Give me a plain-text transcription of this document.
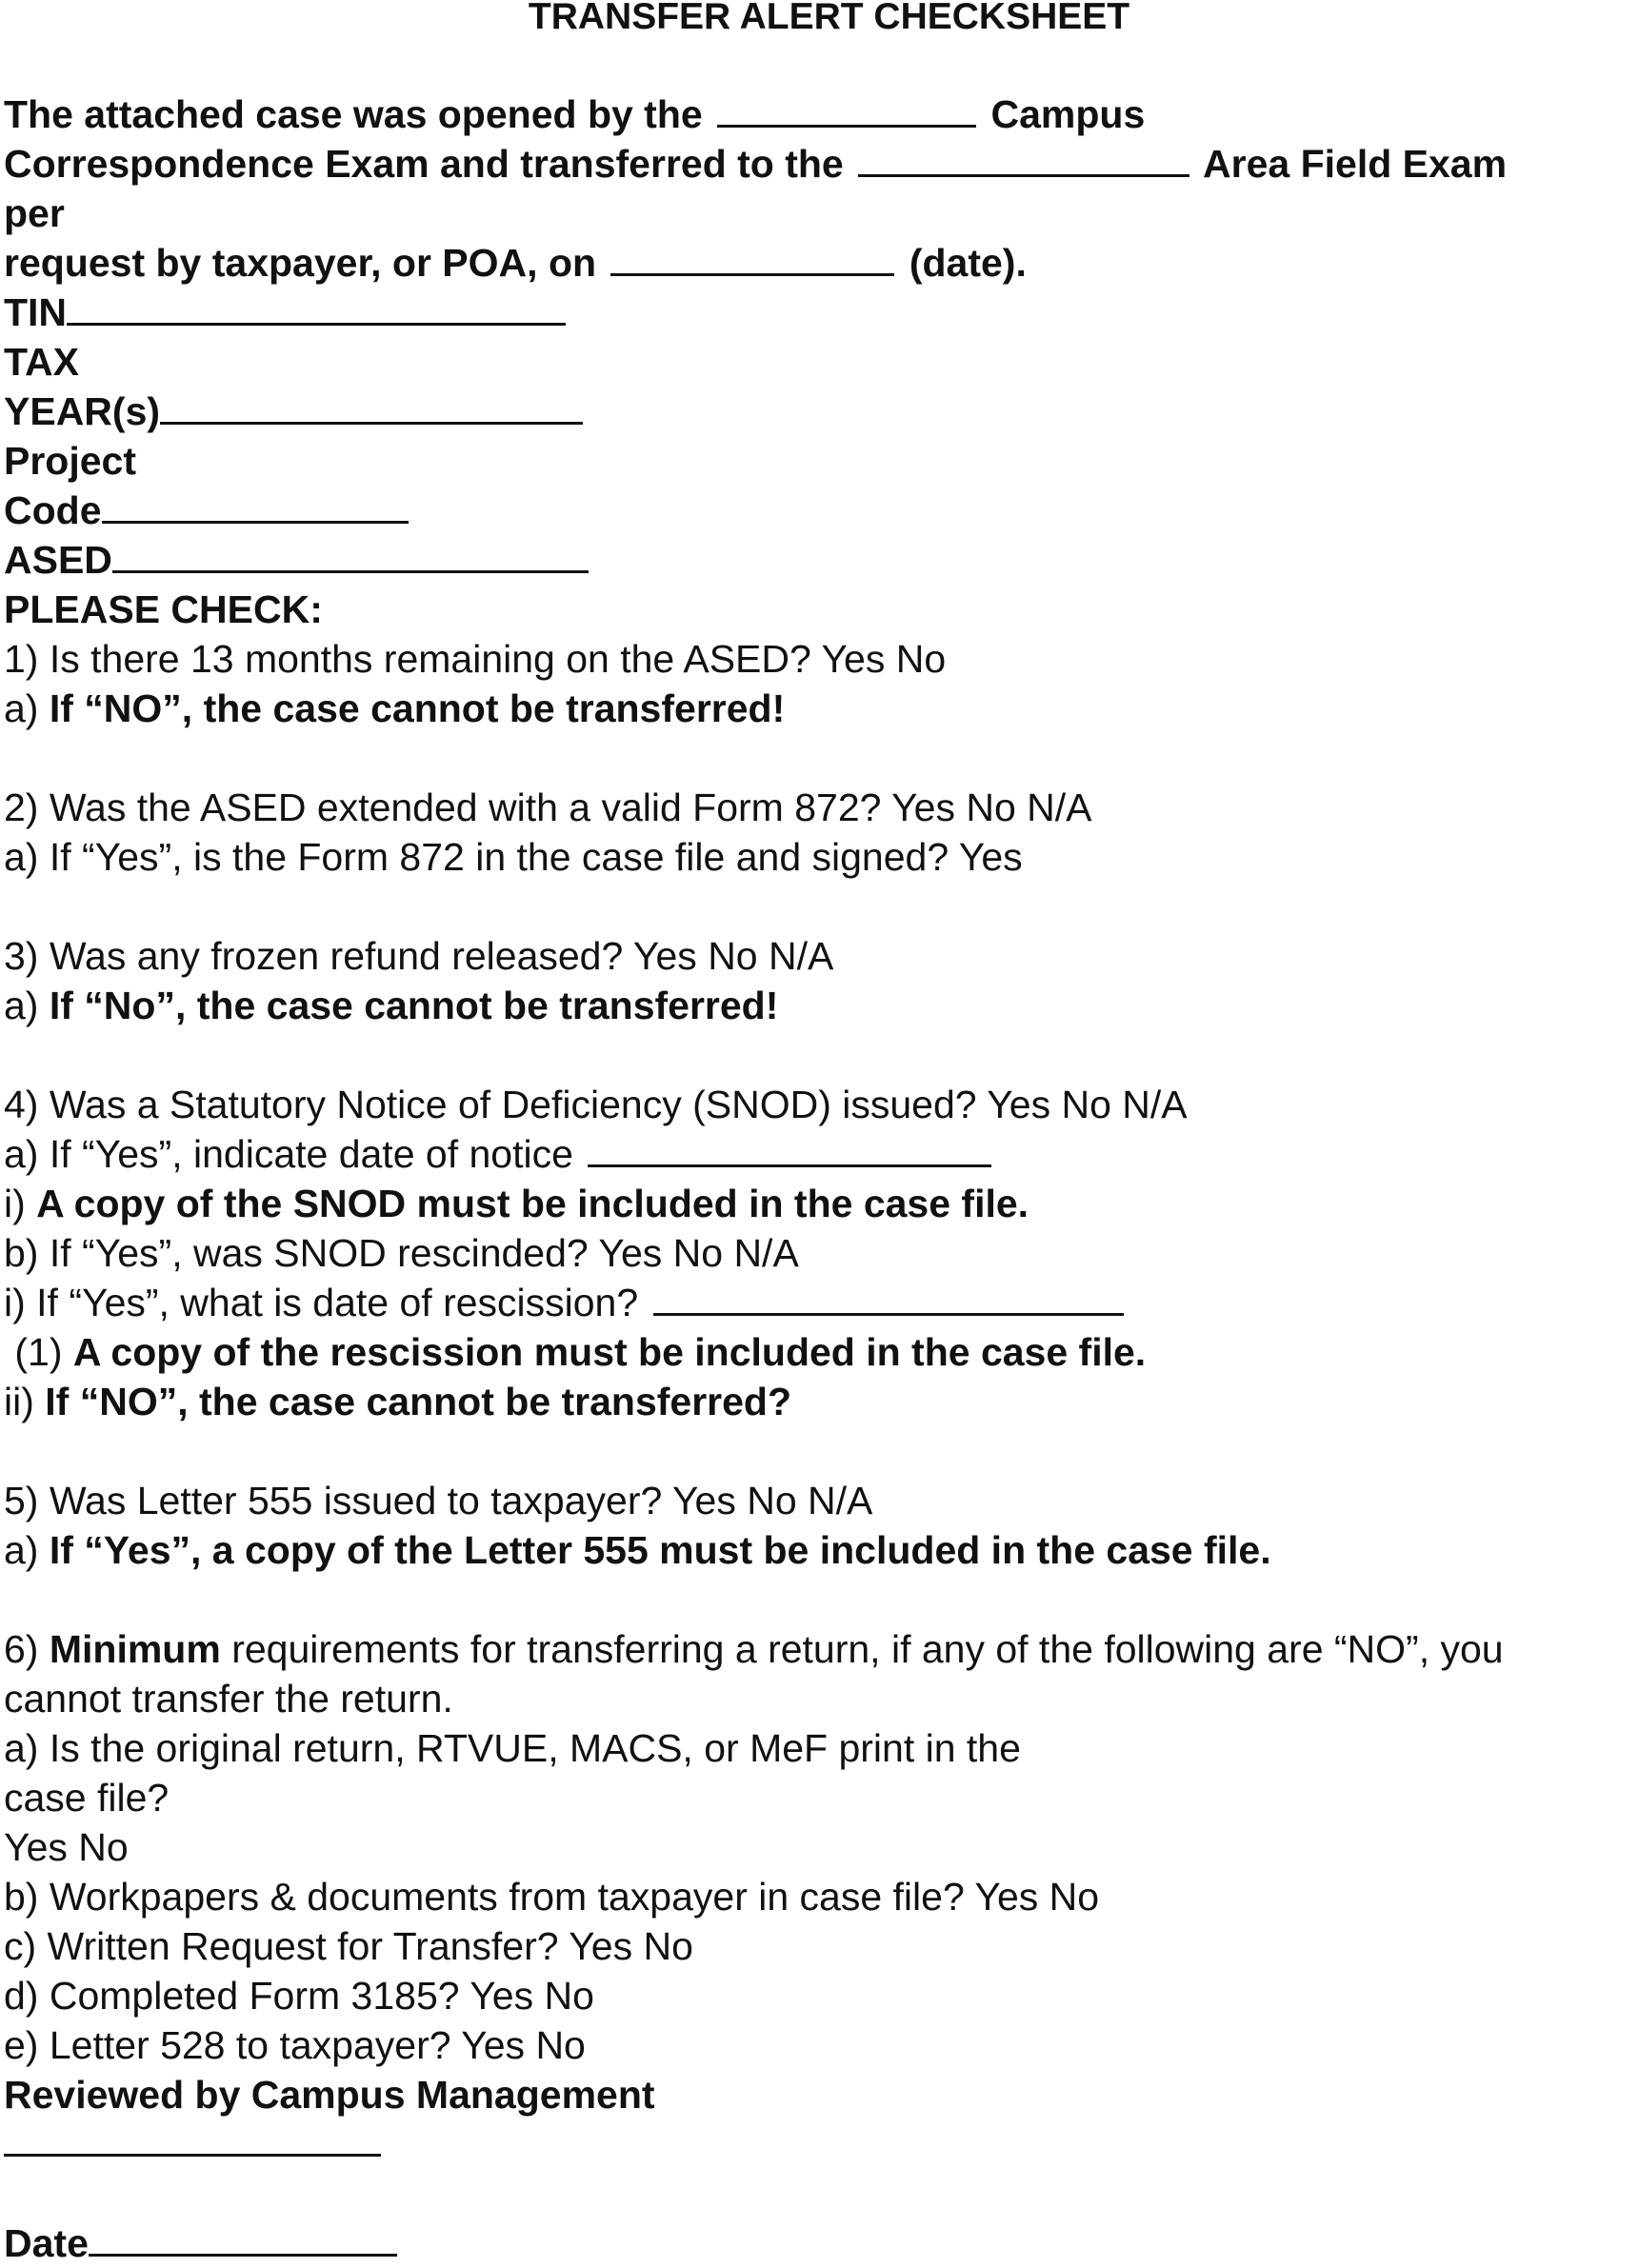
TRANSFER ALERT CHECKSHEET
The attached case was opened by the	Campus
Correspondence Exam and transferred to the	Area Field Exam
per
request by taxpayer, or POA, on	(date).
TIN
TAX
YEAR(s)
Project
Code
ASED
PLEASE CHECK:
1) Is there 13 months remaining on the ASED? Yes No
a) If “NO”, the case cannot be transferred!
2) Was the ASED extended with a valid Form 872? Yes No N/A
a) If “Yes”, is the Form 872 in the case file and signed? Yes
3) Was any frozen refund released? Yes No N/A
a) If “No”, the case cannot be transferred!
4) Was a Statutory Notice of Deficiency (SNOD) issued? Yes No N/A
a) If “Yes”, indicate date of notice
i) A copy of the SNOD must be included in the case file.
b) If “Yes”, was SNOD rescinded? Yes No N/A
i) If “Yes”, what is date of rescission?
(1) A copy of the rescission must be included in the case file.
ii) If “NO”, the case cannot be transferred?
5) Was Letter 555 issued to taxpayer? Yes No N/A
a) If “Yes”, a copy of the Letter 555 must be included in the case file.
6) Minimum requirements for transferring a return, if any of the following are “NO”, you
cannot transfer the return.
a) Is the original return, RTVUE, MACS, or MeF print in the
case file?
Yes No
b) Workpapers & documents from taxpayer in case file? Yes No
c) Written Request for Transfer? Yes No
d) Completed Form 3185? Yes No
e) Letter 528 to taxpayer? Yes No
Reviewed by Campus Management
Date
